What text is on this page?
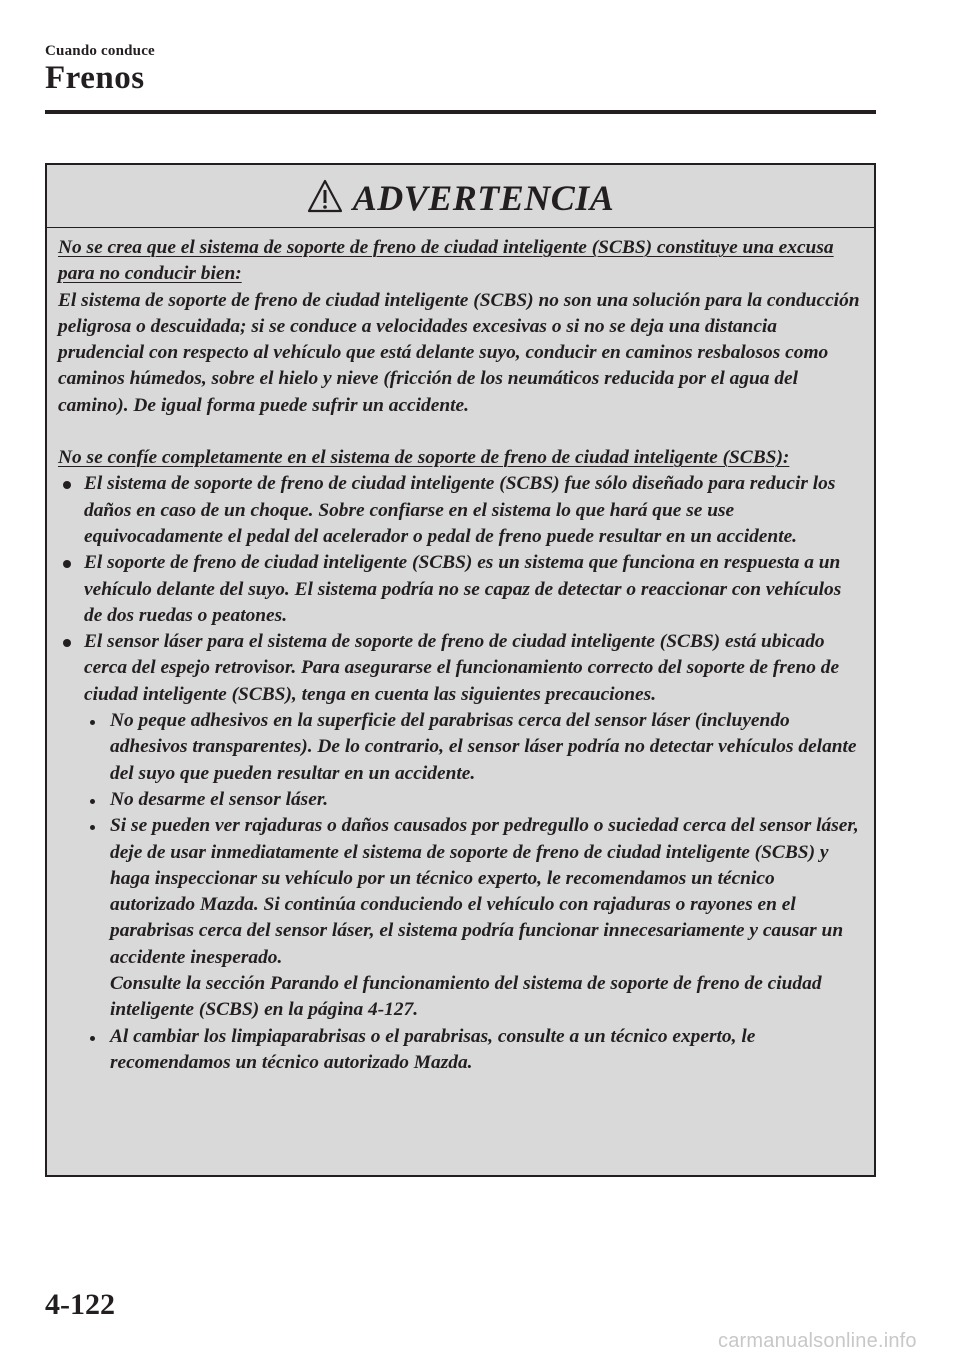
Cuando conduce
Frenos
ADVERTENCIA

No se crea que el sistema de soporte de freno de ciudad inteligente (SCBS) constituye una excusa para no conducir bien:

El sistema de soporte de freno de ciudad inteligente (SCBS) no son una solución para la conducción peligrosa o descuidada; si se conduce a velocidades excesivas o si no se deja una distancia prudencial con respecto al vehículo que está delante suyo, conducir en caminos resbalosos como caminos húmedos, sobre el hielo y nieve (fricción de los neumáticos reducida por el agua del camino). De igual forma puede sufrir un accidente.

No se confíe completamente en el sistema de soporte de freno de ciudad inteligente (SCBS):

El sistema de soporte de freno de ciudad inteligente (SCBS) fue sólo diseñado para reducir los daños en caso de un choque. Sobre confiarse en el sistema lo que hará que se use equivocadamente el pedal del acelerador o pedal de freno puede resultar en un accidente.
El soporte de freno de ciudad inteligente (SCBS) es un sistema que funciona en respuesta a un vehículo delante del suyo. El sistema podría no se capaz de detectar o reaccionar con vehículos de dos ruedas o peatones.
El sensor láser para el sistema de soporte de freno de ciudad inteligente (SCBS) está ubicado cerca del espejo retrovisor. Para asegurarse el funcionamiento correcto del soporte de freno de ciudad inteligente (SCBS), tenga en cuenta las siguientes precauciones.
No peque adhesivos en la superficie del parabrisas cerca del sensor láser (incluyendo adhesivos transparentes). De lo contrario, el sensor láser podría no detectar vehículos delante del suyo que pueden resultar en un accidente.
No desarme el sensor láser.
Si se pueden ver rajaduras o daños causados por pedregullo o suciedad cerca del sensor láser, deje de usar inmediatamente el sistema de soporte de freno de ciudad inteligente (SCBS) y haga inspeccionar su vehículo por un técnico experto, le recomendamos un técnico autorizado Mazda. Si continúa conduciendo el vehículo con rajaduras o rayones en el parabrisas cerca del sensor láser, el sistema podría funcionar innecesariamente y causar un accidente inesperado.
Consulte la sección Parando el funcionamiento del sistema de soporte de freno de ciudad inteligente (SCBS) en la página 4-127.
Al cambiar los limpiaparabrisas o el parabrisas, consulte a un técnico experto, le recomendamos un técnico autorizado Mazda.
4-122
carmanualsonline.info
